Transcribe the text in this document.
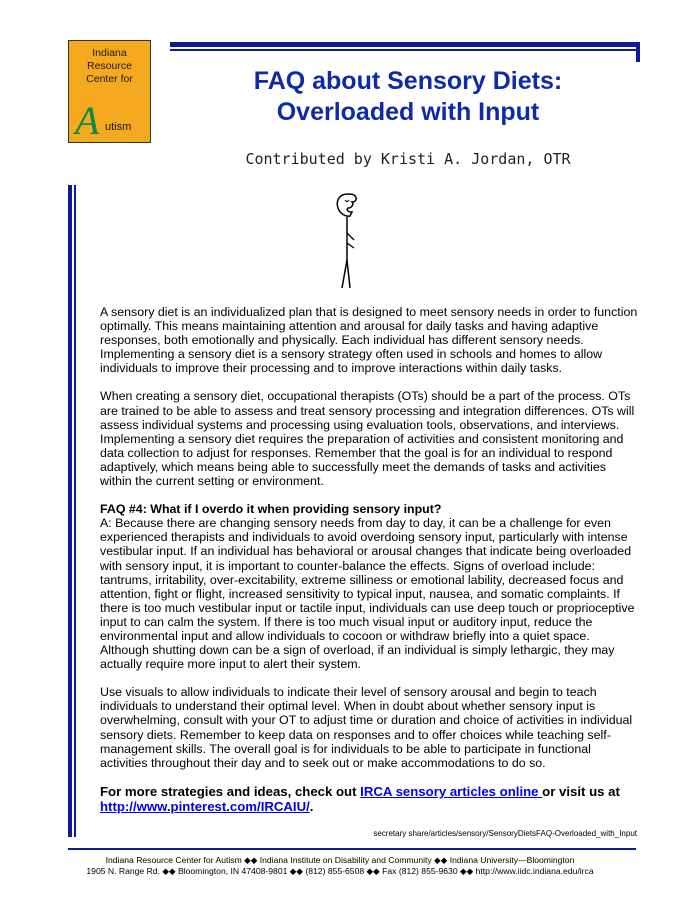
Indiana
Resource
Center for
A utism
FAQ about Sensory Diets:
Overloaded with Input
Contributed by Kristi A. Jordan, OTR

A sensory diet is an individualized plan that is designed to meet sensory needs in order to function optimally. This means maintaining attention and arousal for daily tasks and having adaptive responses, both emotionally and physically. Each individual has different sensory needs. Implementing a sensory diet is a sensory strategy often used in schools and homes to allow individuals to improve their processing and to improve interactions within daily tasks.

When creating a sensory diet, occupational therapists (OTs) should be a part of the process. OTs are trained to be able to assess and treat sensory processing and integration differences. OTs will assess individual systems and processing using evaluation tools, observations, and interviews. Implementing a sensory diet requires the preparation of activities and consistent monitoring and data collection to adjust for responses. Remember that the goal is for an individual to respond adaptively, which means being able to successfully meet the demands of tasks and activities within the current setting or environment.

FAQ #4: What if I overdo it when providing sensory input?
A: Because there are changing sensory needs from day to day, it can be a challenge for even experienced therapists and individuals to avoid overdoing sensory input, particularly with intense vestibular input. If an individual has behavioral or arousal changes that indicate being overloaded with sensory input, it is important to counter-balance the effects. Signs of overload include: tantrums, irritability, over-excitability, extreme silliness or emotional lability, decreased focus and attention, fight or flight, increased sensitivity to typical input, nausea, and somatic complaints. If there is too much vestibular input or tactile input, individuals can use deep touch or proprioceptive input to can calm the system. If there is too much visual input or auditory input, reduce the environmental input and allow individuals to cocoon or withdraw briefly into a quiet space. Although shutting down can be a sign of overload, if an individual is simply lethargic, they may actually require more input to alert their system.

Use visuals to allow individuals to indicate their level of sensory arousal and begin to teach individuals to understand their optimal level. When in doubt about whether sensory input is overwhelming, consult with your OT to adjust time or duration and choice of activities in individual sensory diets. Remember to keep data on responses and to offer choices while teaching self-management skills. The overall goal is for individuals to be able to participate in functional activities throughout their day and to seek out or make accommodations to do so.

For more strategies and ideas, check out IRCA sensory articles online or visit us at
http://www.pinterest.com/IRCAIU/.

secretary share/articles/sensory/SensoryDietsFAQ-Overloaded_with_Input
Indiana Resource Center for Autism ◆◆ Indiana Institute on Disability and Community ◆◆ Indiana University—Bloomington
1905 N. Range Rd. ◆◆ Bloomington, IN 47408-9801 ◆◆ (812) 855-6508 ◆◆ Fax (812) 855-9630 ◆◆ http://www.iidc.indiana.edu/irca
